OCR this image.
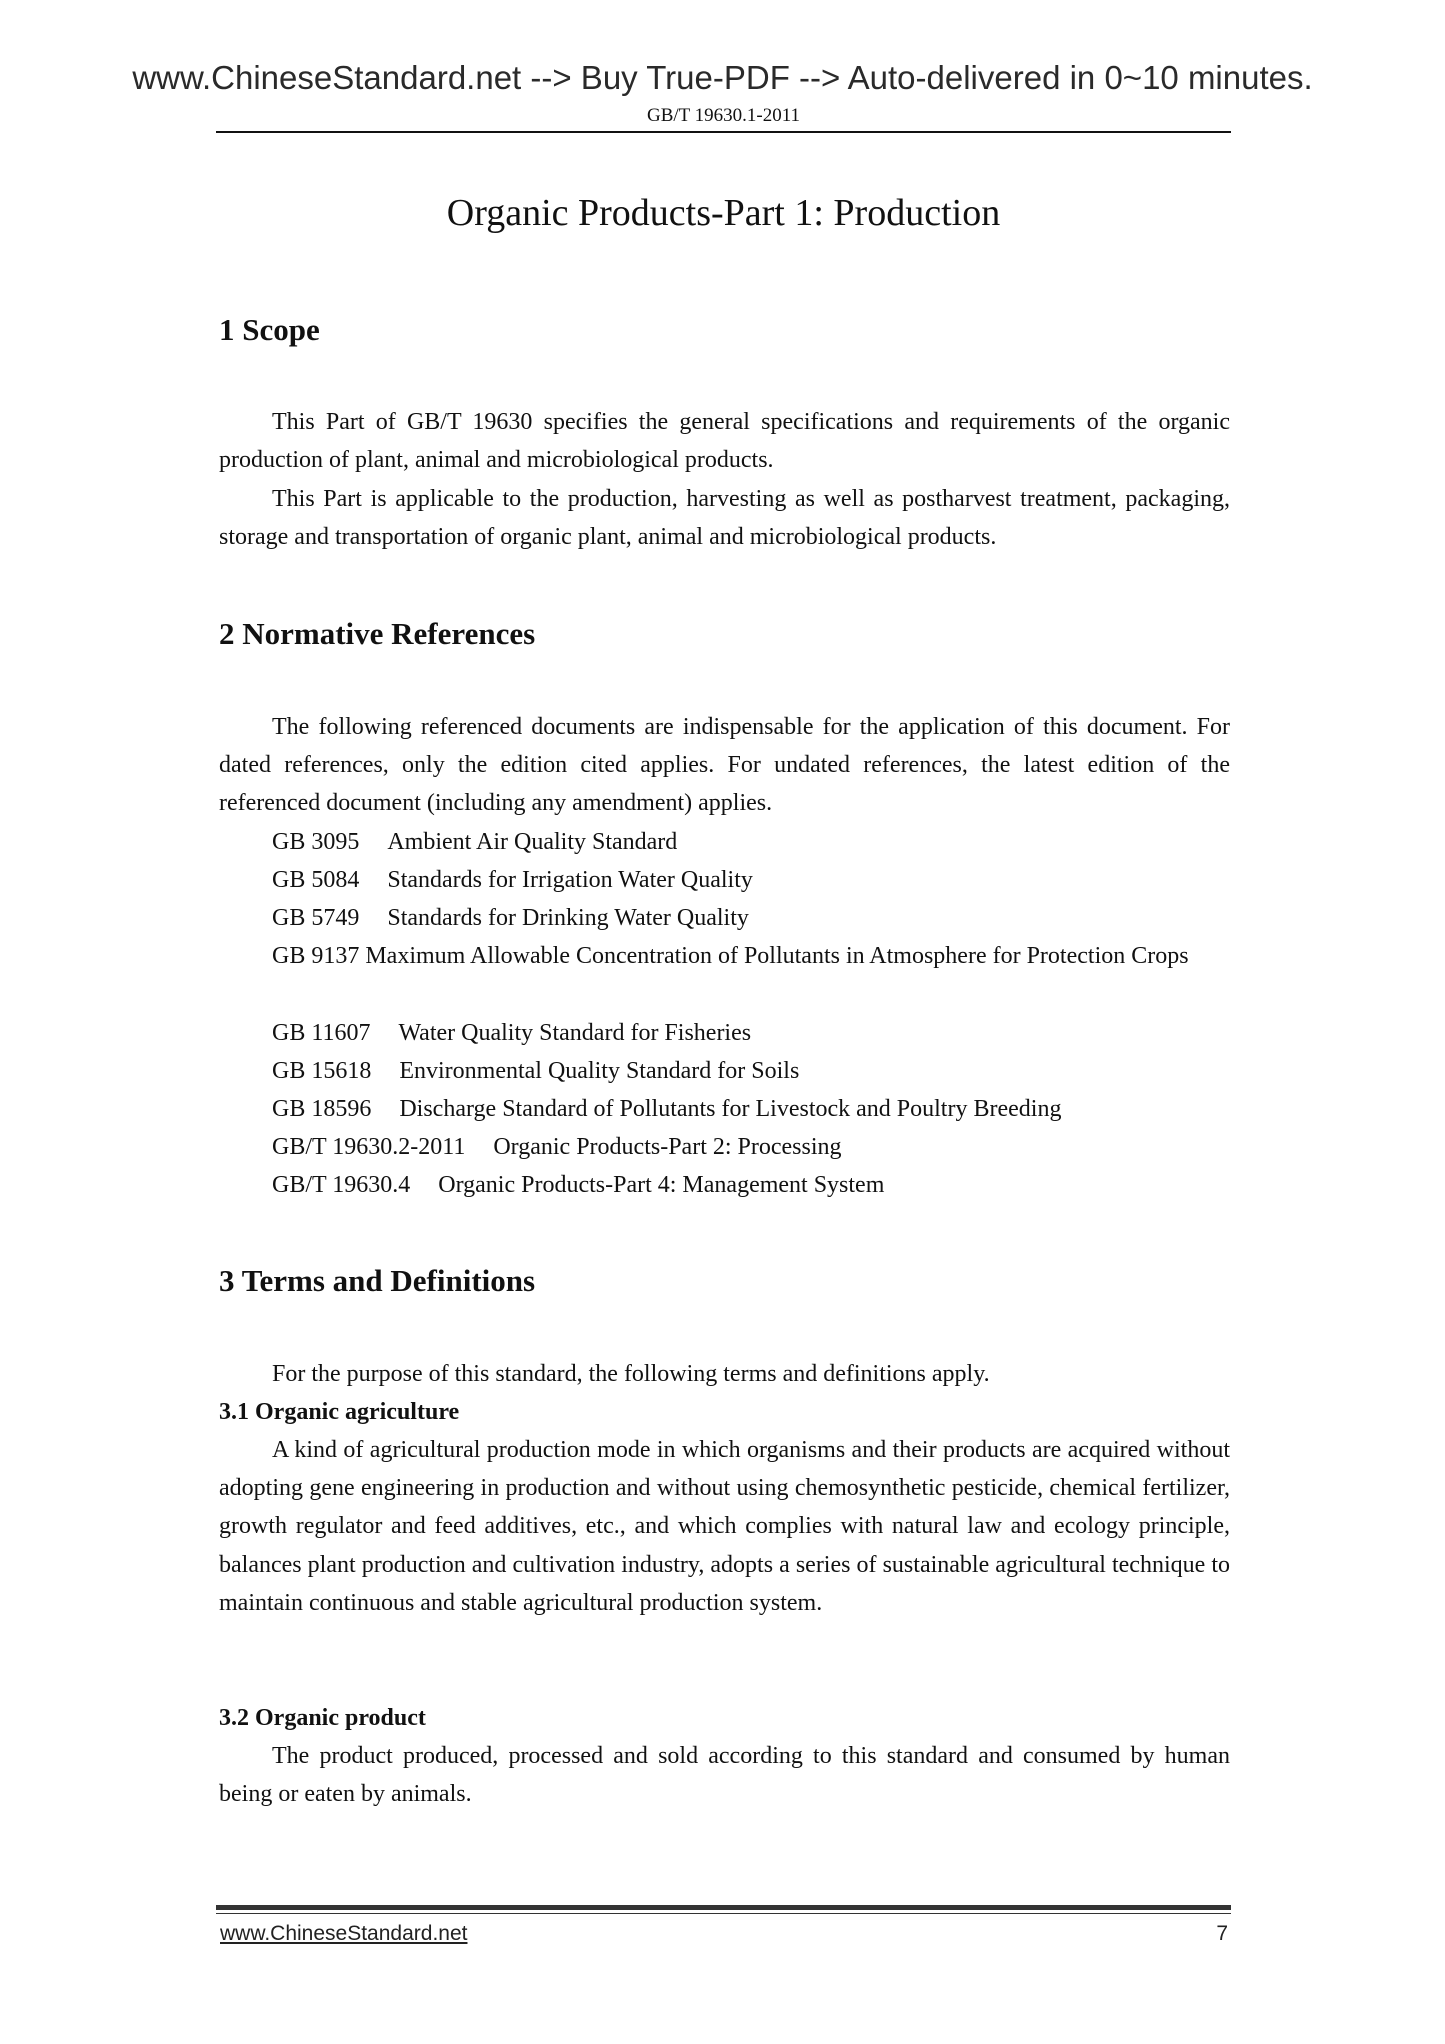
www.ChineseStandard.net --> Buy True-PDF --> Auto-delivered in 0~10 minutes.
GB/T 19630.1-2011
Organic Products-Part 1: Production
1 Scope
This Part of GB/T 19630 specifies the general specifications and requirements of the organic production of plant, animal and microbiological products.
This Part is applicable to the production, harvesting as well as postharvest treatment, packaging, storage and transportation of organic plant, animal and microbiological products.
2 Normative References
The following referenced documents are indispensable for the application of this document. For dated references, only the edition cited applies. For undated references, the latest edition of the referenced document (including any amendment) applies.
GB 3095 Ambient Air Quality Standard
GB 5084 Standards for Irrigation Water Quality
GB 5749 Standards for Drinking Water Quality
GB 9137 Maximum Allowable Concentration of Pollutants in Atmosphere for Protection Crops
GB 11607 Water Quality Standard for Fisheries
GB 15618 Environmental Quality Standard for Soils
GB 18596 Discharge Standard of Pollutants for Livestock and Poultry Breeding
GB/T 19630.2-2011 Organic Products-Part 2: Processing
GB/T 19630.4 Organic Products-Part 4: Management System
3 Terms and Definitions
For the purpose of this standard, the following terms and definitions apply.
3.1 Organic agriculture
A kind of agricultural production mode in which organisms and their products are acquired without adopting gene engineering in production and without using chemosynthetic pesticide, chemical fertilizer, growth regulator and feed additives, etc., and which complies with natural law and ecology principle, balances plant production and cultivation industry, adopts a series of sustainable agricultural technique to maintain continuous and stable agricultural production system.
3.2 Organic product
The product produced, processed and sold according to this standard and consumed by human being or eaten by animals.
www.ChineseStandard.net	7
